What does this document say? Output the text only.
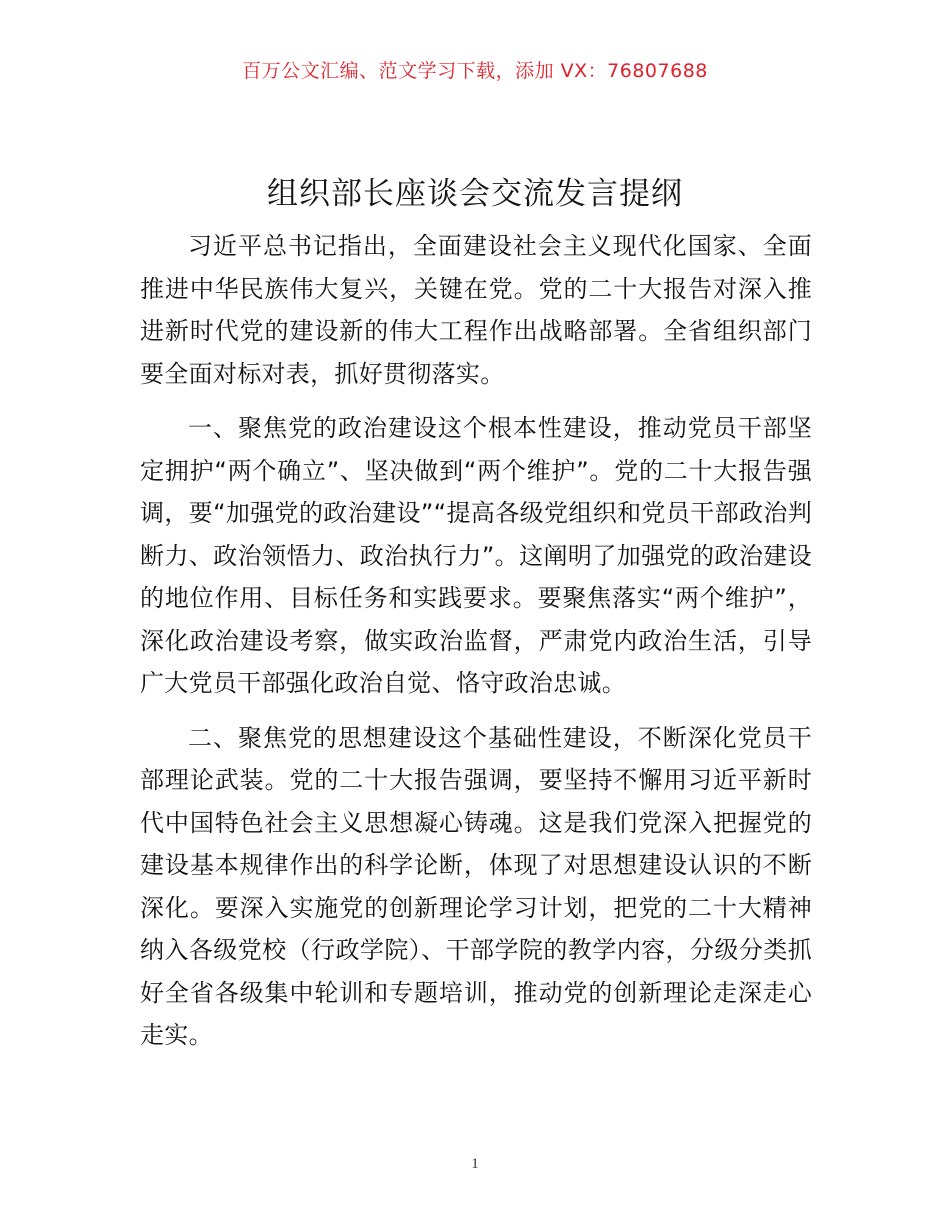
百万公文汇编、范文学习下载，添加 VX：76807688
组织部长座谈会交流发言提纲

习近平总书记指出，全面建设社会主义现代化国家、全面推进中华民族伟大复兴，关键在党。党的二十大报告对深入推进新时代党的建设新的伟大工程作出战略部署。全省组织部门要全面对标对表，抓好贯彻落实。

一、聚焦党的政治建设这个根本性建设，推动党员干部坚定拥护“两个确立”、坚决做到“两个维护”。党的二十大报告强调，要“加强党的政治建设”“提高各级党组织和党员干部政治判断力、政治领悟力、政治执行力”。这阐明了加强党的政治建设的地位作用、目标任务和实践要求。要聚焦落实“两个维护”，深化政治建设考察，做实政治监督，严肃党内政治生活，引导广大党员干部强化政治自觉、恪守政治忠诚。

二、聚焦党的思想建设这个基础性建设，不断深化党员干部理论武装。党的二十大报告强调，要坚持不懈用习近平新时代中国特色社会主义思想凝心铸魂。这是我们党深入把握党的建设基本规律作出的科学论断，体现了对思想建设认识的不断深化。要深入实施党的创新理论学习计划，把党的二十大精神纳入各级党校（行政学院）、干部学院的教学内容，分级分类抓好全省各级集中轮训和专题培训，推动党的创新理论走深走心走实。

1
